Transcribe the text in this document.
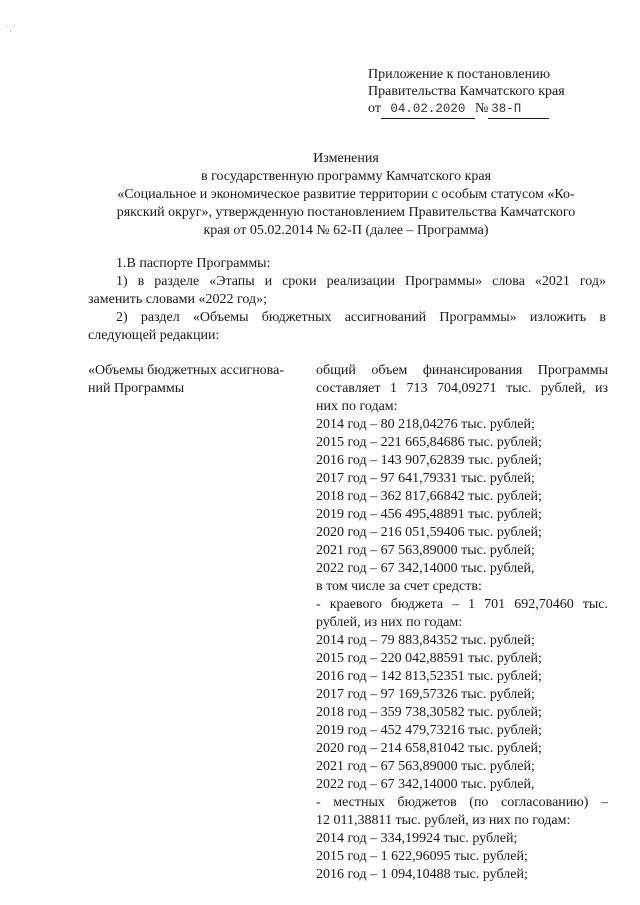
' , '
Приложение к постановлению
Правительства Камчатского края
от 04.02.2020 № 38-П
Изменения
в государственную программу Камчатского края
«Социальное и экономическое развитие территории с особым статусом «Ко-
рякский округ», утвержденную постановлением Правительства Камчатского
края от 05.02.2014 № 62-П (далее – Программа)
1.В паспорте Программы:
1) в разделе «Этапы и сроки реализации Программы» слова «2021 год»
заменить словами «2022 год»;
2) раздел «Объемы бюджетных ассигнований Программы» изложить в
следующей редакции:
«Объемы бюджетных ассигнова-
ний Программы
общий объем финансирования Программы
составляет 1 713 704,09271 тыс. рублей, из
них по годам:
2014 год – 80 218,04276 тыс. рублей;
2015 год – 221 665,84686 тыс. рублей;
2016 год – 143 907,62839 тыс. рублей;
2017 год – 97 641,79331 тыс. рублей;
2018 год – 362 817,66842 тыс. рублей;
2019 год – 456 495,48891 тыс. рублей;
2020 год – 216 051,59406 тыс. рублей;
2021 год – 67 563,89000 тыс. рублей;
2022 год – 67 342,14000 тыс. рублей,
в том числе за счет средств:
- краевого бюджета – 1 701 692,70460 тыс.
рублей, из них по годам:
2014 год – 79 883,84352 тыс. рублей;
2015 год – 220 042,88591 тыс. рублей;
2016 год – 142 813,52351 тыс. рублей;
2017 год – 97 169,57326 тыс. рублей;
2018 год – 359 738,30582 тыс. рублей;
2019 год – 452 479,73216 тыс. рублей;
2020 год – 214 658,81042 тыс. рублей;
2021 год – 67 563,89000 тыс. рублей;
2022 год – 67 342,14000 тыс. рублей,
- местных бюджетов (по согласованию) –
12 011,38811 тыс. рублей, из них по годам:
2014 год – 334,19924 тыс. рублей;
2015 год – 1 622,96095 тыс. рублей;
2016 год – 1 094,10488 тыс. рублей;
